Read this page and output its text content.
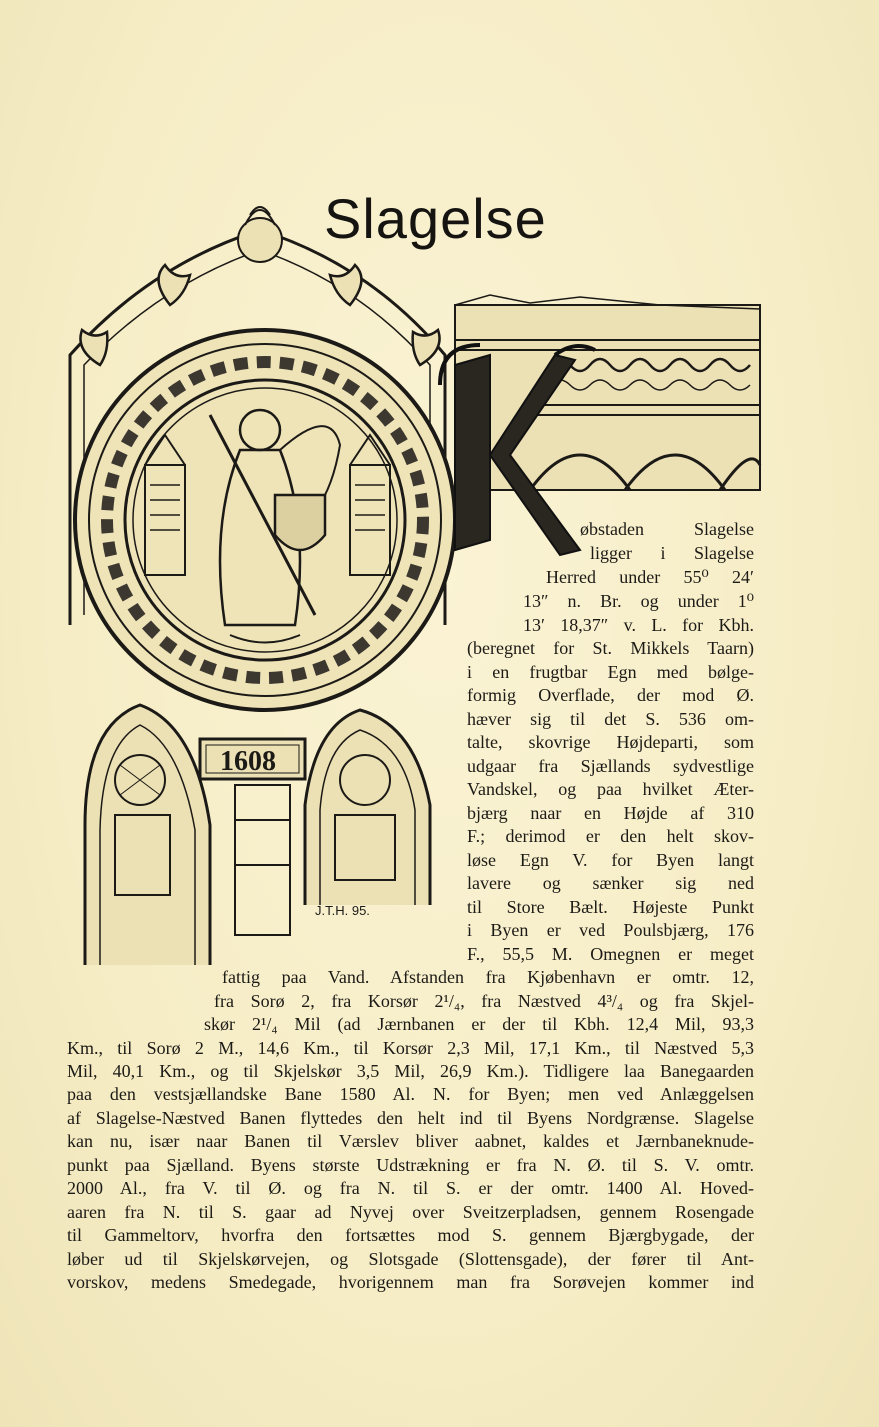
Slagelse
1608
J.T.H. 95.
øbstaden Slagelse
ligger i Slagelse
Herred under 55⁰ 24′
13″ n. Br. og under 1⁰
13′ 18,37″ v. L. for Kbh.
(beregnet for St. Mikkels Taarn)
i en frugtbar Egn med bølge-
formig Overflade, der mod Ø.
hæver sig til det S. 536 om-
talte, skovrige Højdeparti, som
udgaar fra Sjællands sydvestlige
Vandskel, og paa hvilket Æter-
bjærg naar en Højde af 310
F.; derimod er den helt skov-
løse Egn V. for Byen langt
lavere og sænker sig ned
til Store Bælt. Højeste Punkt
i Byen er ved Poulsbjærg, 176
F., 55,5 M. Omegnen er meget
fattig paa Vand. Afstanden fra Kjøbenhavn er omtr. 12,
fra Sorø 2, fra Korsør 2¹/₄, fra Næstved 4³/₄ og fra Skjel-
skør 2¹/₄ Mil (ad Jærnbanen er der til Kbh. 12,4 Mil, 93,3
Km., til Sorø 2 M., 14,6 Km., til Korsør 2,3 Mil, 17,1 Km., til Næstved 5,3
Mil, 40,1 Km., og til Skjelskør 3,5 Mil, 26,9 Km.). Tidligere laa Banegaarden
paa den vestsjællandske Bane 1580 Al. N. for Byen; men ved Anlæggelsen
af Slagelse-Næstved Banen flyttedes den helt ind til Byens Nordgrænse. Slagelse
kan nu, især naar Banen til Værslev bliver aabnet, kaldes et Jærnbaneknude-
punkt paa Sjælland. Byens største Udstrækning er fra N. Ø. til S. V. omtr.
2000 Al., fra V. til Ø. og fra N. til S. er der omtr. 1400 Al. Hoved-
aaren fra N. til S. gaar ad Nyvej over Sveitzerpladsen, gennem Rosengade
til Gammeltorv, hvorfra den fortsættes mod S. gennem Bjærgbygade, der
løber ud til Skjelskørvejen, og Slotsgade (Slottensgade), der fører til Ant-
vorskov, medens Smedegade, hvorigennem man fra Sorøvejen kommer ind
